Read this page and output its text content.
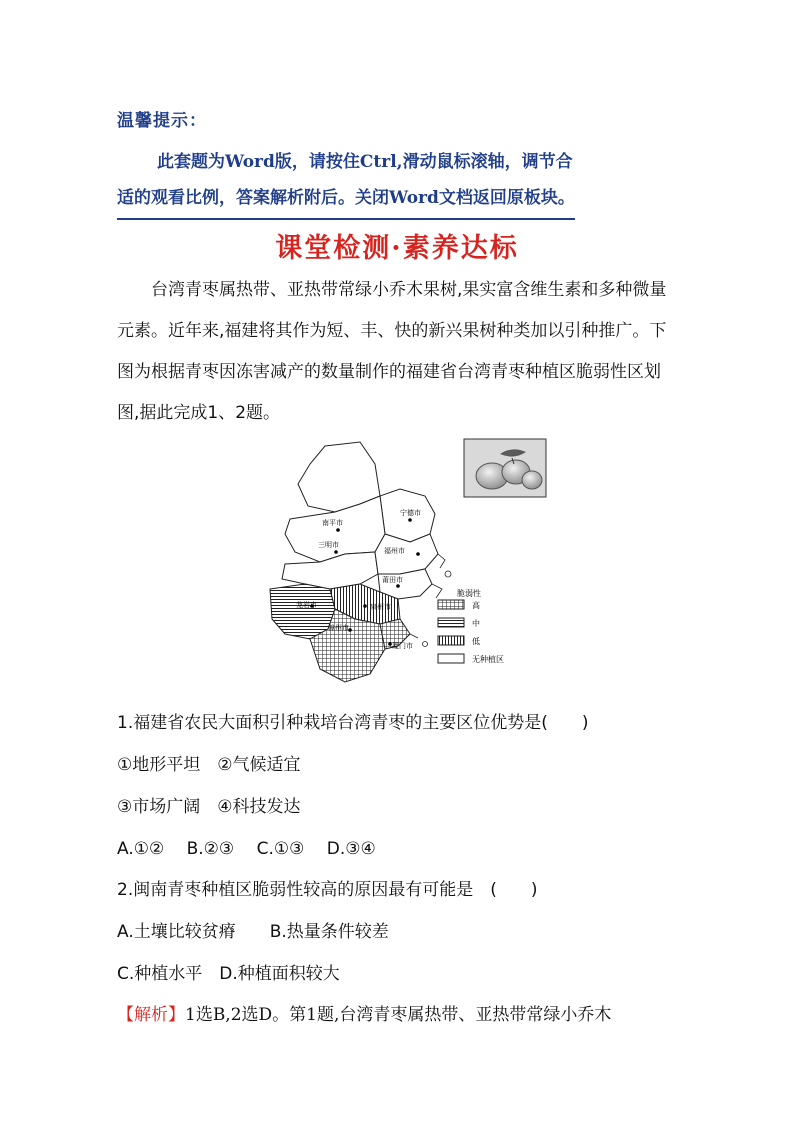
温馨提示：

此套题为Word版，请按住Ctrl,滑动鼠标滚轴，调节合

适的观看比例，答案解析附后。关闭Word文档返回原板块。

课堂检测·素养达标

台湾青枣属热带、亚热带常绿小乔木果树,果实富含维生素和多种微量元素。近年来,福建将其作为短、丰、快的新兴果树种类加以引种推广。下图为根据青枣因冻害减产的数量制作的福建省台湾青枣种植区脆弱性区划图,据此完成1、2题。

南平市
宁德市
三明市
福州市
莆田市
龙岩市	泉州市
漳州市
厦门市
脆弱性
高
中
低
无种植区
1.福建省农民大面积引种栽培台湾青枣的主要区位优势是(　　)
①地形平坦　②气候适宜
③市场广阔　④科技发达
A.①②　 B.②③　 C.①③　 D.③④
2.闽南青枣种植区脆弱性较高的原因最有可能是　(　　)
A.土壤比较贫瘠　　B.热量条件较差
C.种植水平　D.种植面积较大
【解析】1选B,2选D。第1题,台湾青枣属热带、亚热带常绿小乔木
